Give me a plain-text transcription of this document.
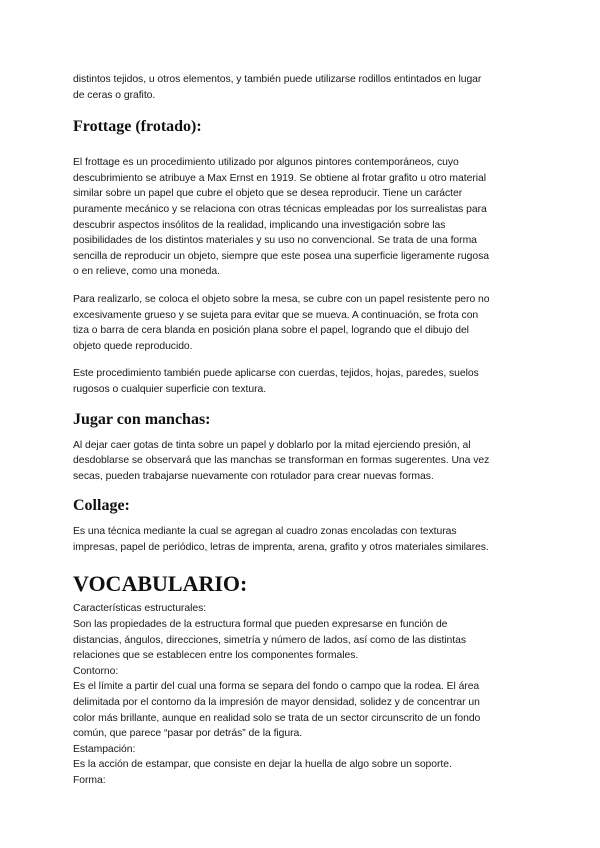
distintos tejidos, u otros elementos, y también puede utilizarse rodillos entintados en lugar
de ceras o grafito.

Frottage (frotado):

El frottage es un procedimiento utilizado por algunos pintores contemporáneos, cuyo
descubrimiento se atribuye a Max Ernst en 1919. Se obtiene al frotar grafito u otro material
similar sobre un papel que cubre el objeto que se desea reproducir. Tiene un carácter
puramente mecánico y se relaciona con otras técnicas empleadas por los surrealistas para
descubrir aspectos insólitos de la realidad, implicando una investigación sobre las
posibilidades de los distintos materiales y su uso no convencional. Se trata de una forma
sencilla de reproducir un objeto, siempre que este posea una superficie ligeramente rugosa
o en relieve, como una moneda.

Para realizarlo, se coloca el objeto sobre la mesa, se cubre con un papel resistente pero no
excesivamente grueso y se sujeta para evitar que se mueva. A continuación, se frota con
tiza o barra de cera blanda en posición plana sobre el papel, logrando que el dibujo del
objeto quede reproducido.

Este procedimiento también puede aplicarse con cuerdas, tejidos, hojas, paredes, suelos
rugosos o cualquier superficie con textura.

Jugar con manchas:

Al dejar caer gotas de tinta sobre un papel y doblarlo por la mitad ejerciendo presión, al
desdoblarse se observará que las manchas se transforman en formas sugerentes. Una vez
secas, pueden trabajarse nuevamente con rotulador para crear nuevas formas.

Collage:

Es una técnica mediante la cual se agregan al cuadro zonas encoladas con texturas
impresas, papel de periódico, letras de imprenta, arena, grafito y otros materiales similares.

VOCABULARIO:
Características estructurales:
Son las propiedades de la estructura formal que pueden expresarse en función de
distancias, ángulos, direcciones, simetría y número de lados, así como de las distintas
relaciones que se establecen entre los componentes formales.
Contorno:
Es el límite a partir del cual una forma se separa del fondo o campo que la rodea. El área
delimitada por el contorno da la impresión de mayor densidad, solidez y de concentrar un
color más brillante, aunque en realidad solo se trata de un sector circunscrito de un fondo
común, que parece “pasar por detrás” de la figura.
Estampación:
Es la acción de estampar, que consiste en dejar la huella de algo sobre un soporte.
Forma:
